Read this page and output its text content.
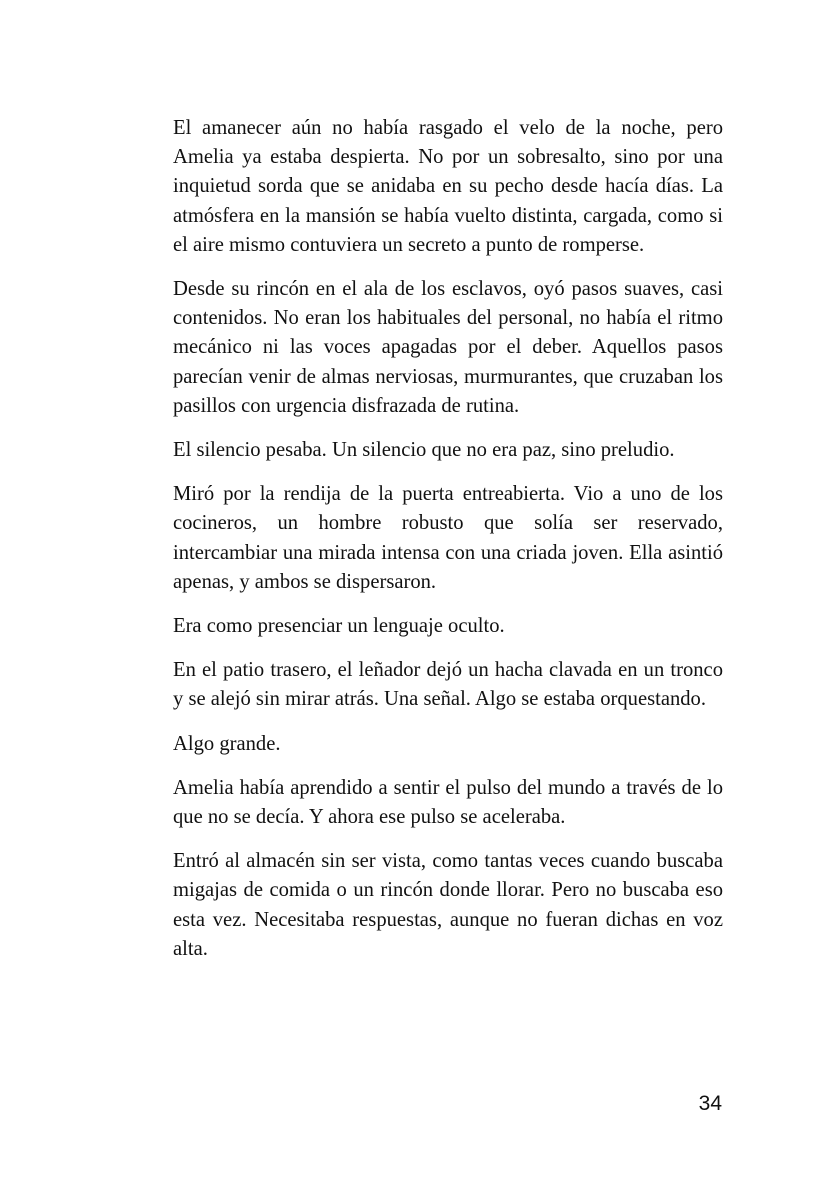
El amanecer aún no había rasgado el velo de la noche, pero Amelia ya estaba despierta. No por un sobresalto, sino por una inquietud sorda que se anidaba en su pecho desde hacía días. La atmósfera en la mansión se había vuelto distinta, cargada, como si el aire mismo contuviera un secreto a punto de romperse.

Desde su rincón en el ala de los esclavos, oyó pasos suaves, casi contenidos. No eran los habituales del personal, no había el ritmo mecánico ni las voces apagadas por el deber. Aquellos pasos parecían venir de almas nerviosas, murmurantes, que cruzaban los pasillos con urgencia disfrazada de rutina.

El silencio pesaba. Un silencio que no era paz, sino preludio.

Miró por la rendija de la puerta entreabierta. Vio a uno de los cocineros, un hombre robusto que solía ser reservado, intercambiar una mirada intensa con una criada joven. Ella asintió apenas, y ambos se dispersaron.

Era como presenciar un lenguaje oculto.

En el patio trasero, el leñador dejó un hacha clavada en un tronco y se alejó sin mirar atrás. Una señal. Algo se estaba orquestando.

Algo grande.

Amelia había aprendido a sentir el pulso del mundo a través de lo que no se decía. Y ahora ese pulso se aceleraba.

Entró al almacén sin ser vista, como tantas veces cuando buscaba migajas de comida o un rincón donde llorar. Pero no buscaba eso esta vez. Necesitaba respuestas, aunque no fueran dichas en voz alta.

34
